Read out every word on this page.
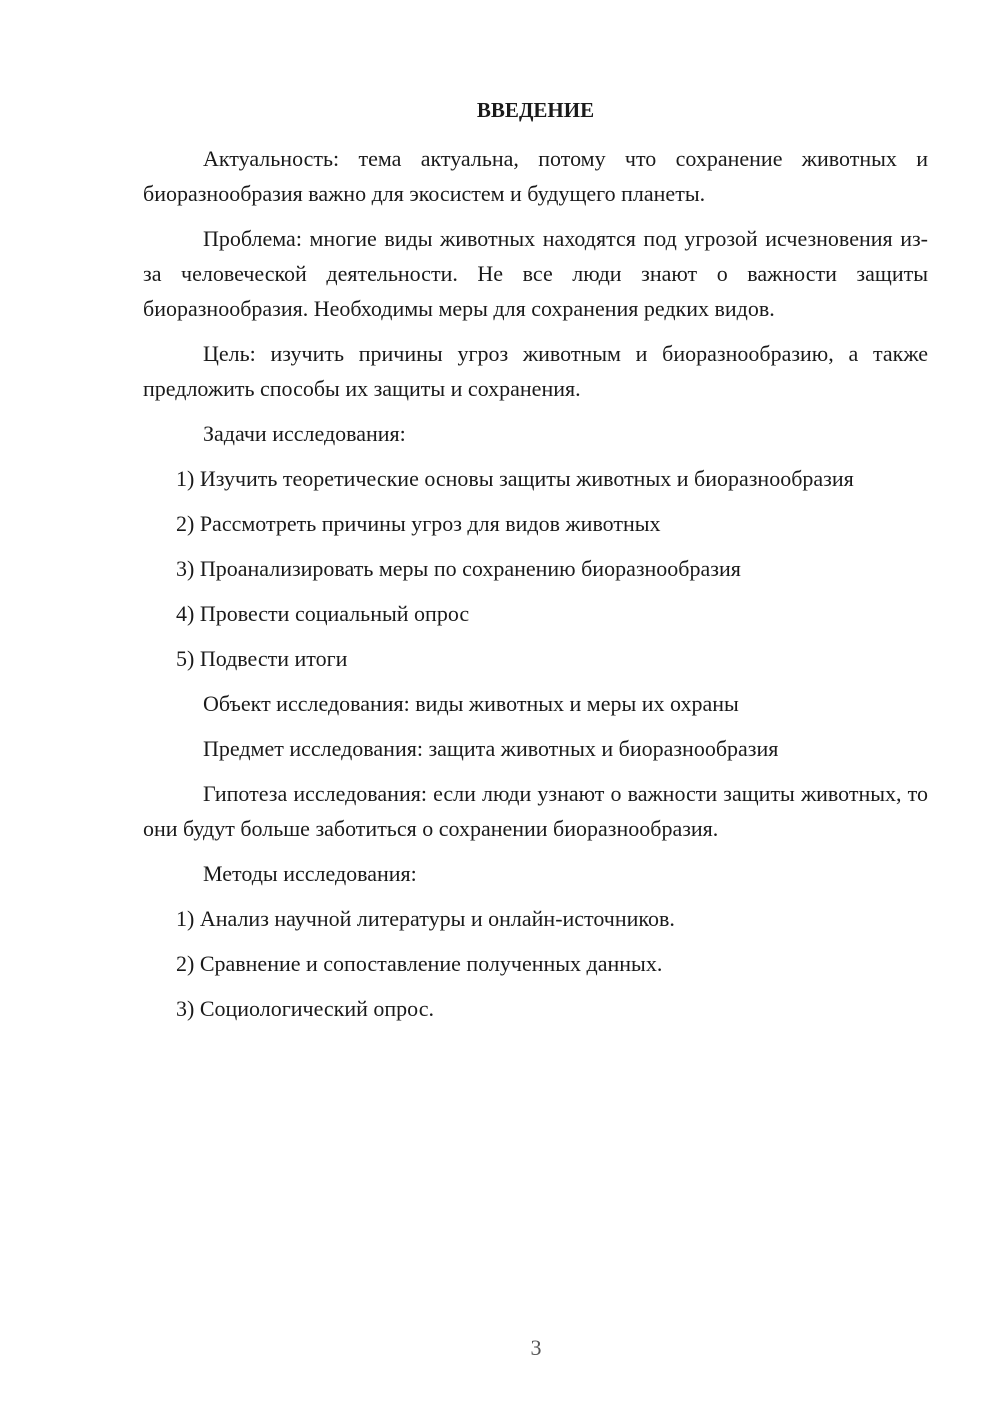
ВВЕДЕНИЕ

Актуальность: тема актуальна, потому что сохранение животных и биоразнообразия важно для экосистем и будущего планеты.

Проблема: многие виды животных находятся под угрозой исчезновения из-за человеческой деятельности. Не все люди знают о важности защиты биоразнообразия. Необходимы меры для сохранения редких видов.

Цель: изучить причины угроз животным и биоразнообразию, а также предложить способы их защиты и сохранения.

Задачи исследования:

1) Изучить теоретические основы защиты животных и биоразнообразия

2) Рассмотреть причины угроз для видов животных

3) Проанализировать меры по сохранению биоразнообразия

4) Провести социальный опрос

5) Подвести итоги

Объект исследования: виды животных и меры их охраны

Предмет исследования: защита животных и биоразнообразия

Гипотеза исследования: если люди узнают о важности защиты животных, то они будут больше заботиться о сохранении биоразнообразия.

Методы исследования:

1) Анализ научной литературы и онлайн-источников.

2) Сравнение и сопоставление полученных данных.

3) Социологический опрос.

3
